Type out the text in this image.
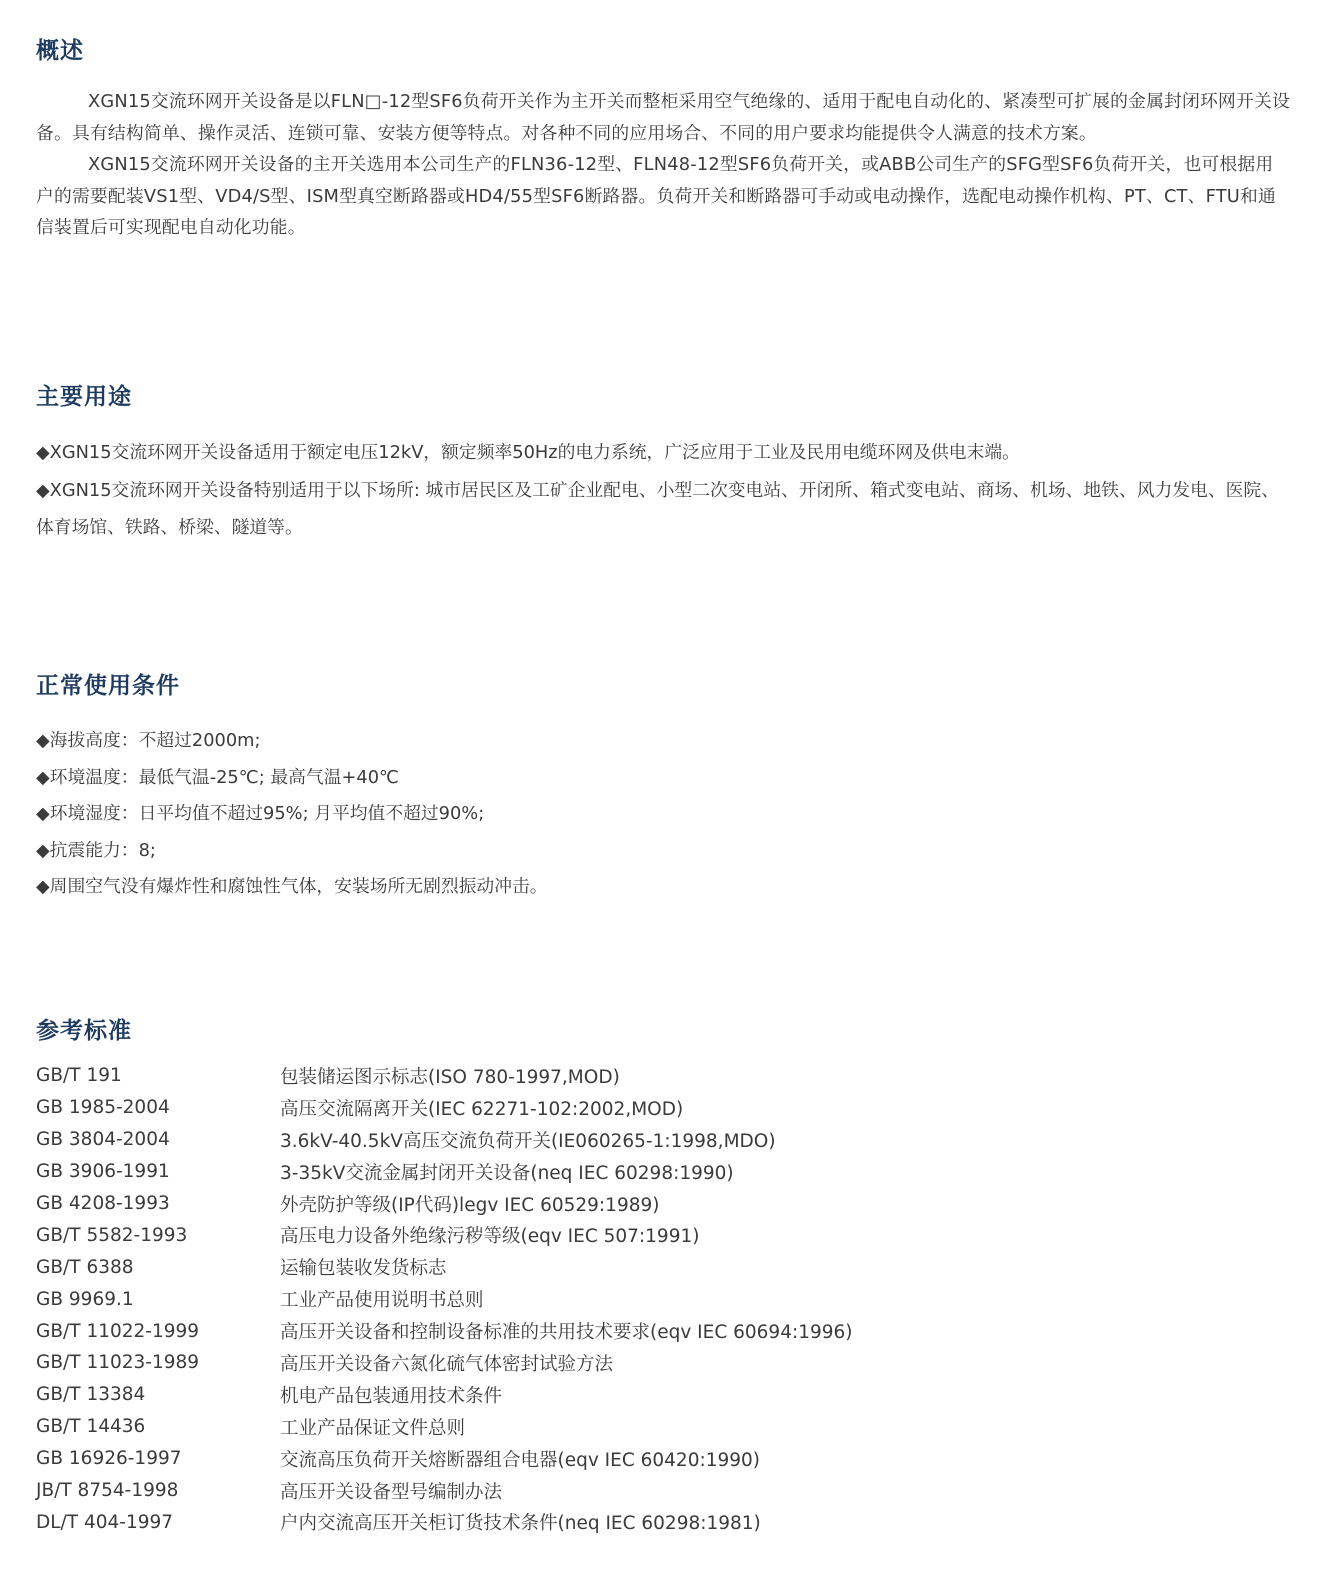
概述

XGN15交流环网开关设备是以FLN□-12型SF6负荷开关作为主开关而整柜采用空气绝缘的、适用于配电自动化的、紧凑型可扩展的金属封闭环网开关设备。具有结构简单、操作灵活、连锁可靠、安装方便等特点。对各种不同的应用场合、不同的用户要求均能提供令人满意的技术方案。

XGN15交流环网开关设备的主开关选用本公司生产的FLN36-12型、FLN48-12型SF6负荷开关，或ABB公司生产的SFG型SF6负荷开关，也可根据用户的需要配装VS1型、VD4/S型、ISM型真空断路器或HD4/55型SF6断路器。负荷开关和断路器可手动或电动操作，选配电动操作机构、PT、CT、FTU和通信装置后可实现配电自动化功能。

主要用途
◆XGN15交流环网开关设备适用于额定电压12kV，额定频率50Hz的电力系统，广泛应用于工业及民用电缆环网及供电末端。
◆XGN15交流环网开关设备特别适用于以下场所: 城市居民区及工矿企业配电、小型二次变电站、开闭所、箱式变电站、商场、机场、地铁、风力发电、医院、体育场馆、铁路、桥梁、隧道等。
正常使用条件
◆海拔高度：不超过2000m;
◆环境温度：最低气温-25℃; 最高气温+40℃
◆环境湿度：日平均值不超过95%; 月平均值不超过90%;
◆抗震能力：8;
◆周围空气没有爆炸性和腐蚀性气体，安装场所无剧烈振动冲击。
参考标准
GB/T 191	包装储运图示标志(ISO 780-1997,MOD)
GB 1985-2004	高压交流隔离开关(IEC 62271-102:2002,MOD)
GB 3804-2004	3.6kV-40.5kV高压交流负荷开关(IE060265-1:1998,MDO)
GB 3906-1991	3-35kV交流金属封闭开关设备(neq IEC 60298:1990)
GB 4208-1993	外壳防护等级(IP代码)legv IEC 60529:1989)
GB/T 5582-1993	高压电力设备外绝缘污秽等级(eqv IEC 507:1991)
GB/T 6388	运输包装收发货标志
GB 9969.1	工业产品使用说明书总则
GB/T 11022-1999	高压开关设备和控制设备标准的共用技术要求(eqv IEC 60694:1996)
GB/T 11023-1989	高压开关设备六氮化硫气体密封试验方法
GB/T 13384	机电产品包装通用技术条件
GB/T 14436	工业产品保证文件总则
GB 16926-1997	交流高压负荷开关熔断器组合电器(eqv IEC 60420:1990)
JB/T 8754-1998	高压开关设备型号编制办法
DL/T 404-1997	户内交流高压开关柜订货技术条件(neq IEC 60298:1981)
